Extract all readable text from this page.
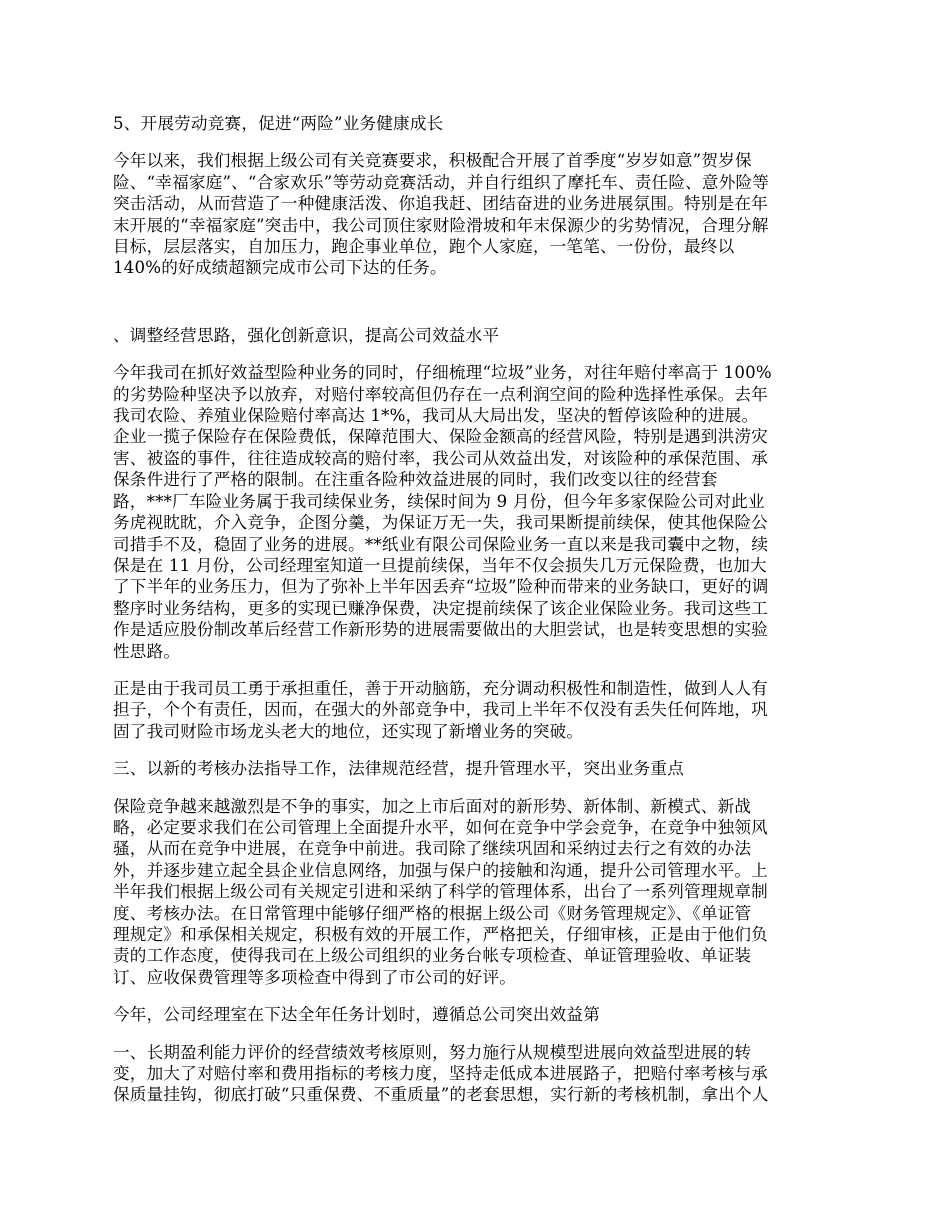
5、开展劳动竞赛，促进“两险”业务健康成长

今年以来，我们根据上级公司有关竞赛要求，积极配合开展了首季度“岁岁如意”贺岁保

险、“幸福家庭”、“合家欢乐”等劳动竞赛活动，并自行组织了摩托车、责任险、意外险等

突击活动，从而营造了一种健康活泼、你追我赶、团结奋进的业务进展氛围。特别是在年

末开展的“幸福家庭”突击中，我公司顶住家财险滑坡和年末保源少的劣势情况，合理分解

目标，层层落实，自加压力，跑企事业单位，跑个人家庭，一笔笔、一份份，最终以

140%的好成绩超额完成市公司下达的任务。

、调整经营思路，强化创新意识，提高公司效益水平

今年我司在抓好效益型险种业务的同时，仔细梳理“垃圾”业务，对往年赔付率高于 100%

的劣势险种坚决予以放弃，对赔付率较高但仍存在一点利润空间的险种选择性承保。去年

我司农险、养殖业保险赔付率高达 1*%，我司从大局出发，坚决的暂停该险种的进展。

企业一揽子保险存在保险费低，保障范围大、保险金额高的经营风险，特别是遇到洪涝灾

害、被盗的事件，往往造成较高的赔付率，我公司从效益出发，对该险种的承保范围、承

保条件进行了严格的限制。在注重各险种效益进展的同时，我们改变以往的经营套

路，***厂车险业务属于我司续保业务，续保时间为 9 月份，但今年多家保险公司对此业

务虎视眈眈，介入竞争，企图分羹，为保证万无一失，我司果断提前续保，使其他保险公

司措手不及，稳固了业务的进展。**纸业有限公司保险业务一直以来是我司囊中之物，续

保是在 11 月份，公司经理室知道一旦提前续保，当年不仅会损失几万元保险费，也加大

了下半年的业务压力，但为了弥补上半年因丢弃“垃圾”险种而带来的业务缺口，更好的调

整序时业务结构，更多的实现已赚净保费，决定提前续保了该企业保险业务。我司这些工

作是适应股份制改革后经营工作新形势的进展需要做出的大胆尝试，也是转变思想的实验

性思路。

正是由于我司员工勇于承担重任，善于开动脑筋，充分调动积极性和制造性，做到人人有

担子，个个有责任，因而，在强大的外部竞争中，我司上半年不仅没有丢失任何阵地，巩

固了我司财险市场龙头老大的地位，还实现了新增业务的突破。

三、以新的考核办法指导工作，法律规范经营，提升管理水平，突出业务重点

保险竞争越来越激烈是不争的事实，加之上市后面对的新形势、新体制、新模式、新战

略，必定要求我们在公司管理上全面提升水平，如何在竞争中学会竞争，在竞争中独领风

骚，从而在竞争中进展，在竞争中前进。我司除了继续巩固和采纳过去行之有效的办法

外，并逐步建立起全县企业信息网络，加强与保户的接触和沟通，提升公司管理水平。上

半年我们根据上级公司有关规定引进和采纳了科学的管理体系，出台了一系列管理规章制

度、考核办法。在日常管理中能够仔细严格的根据上级公司《财务管理规定》、《单证管

理规定》和承保相关规定，积极有效的开展工作，严格把关，仔细审核，正是由于他们负

责的工作态度，使得我司在上级公司组织的业务台帐专项检查、单证管理验收、单证装

订、应收保费管理等多项检查中得到了市公司的好评。

今年，公司经理室在下达全年任务计划时，遵循总公司突出效益第

一、长期盈利能力评价的经营绩效考核原则，努力施行从规模型进展向效益型进展的转

变，加大了对赔付率和费用指标的考核力度，坚持走低成本进展路子，把赔付率考核与承

保质量挂钩，彻底打破“只重保费、不重质量”的老套思想，实行新的考核机制，拿出个人
